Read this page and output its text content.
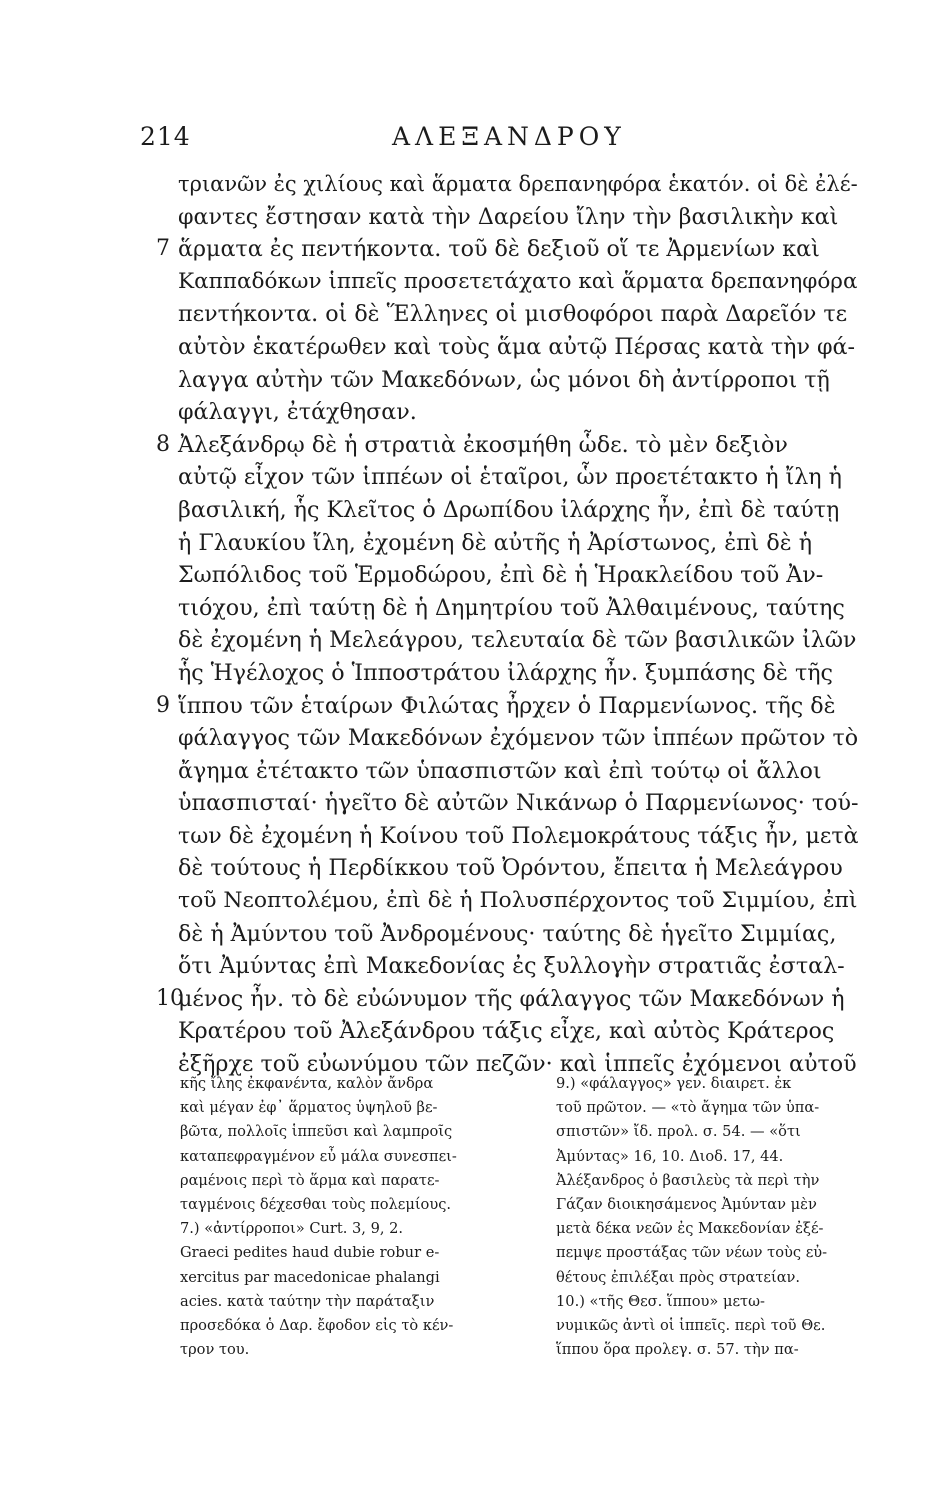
214	ΑΛΕΞΑΝΔΡΟΥ
τριανῶν ἐς χιλίους καὶ ἅρματα δρεπανηφόρα ἑκατόν. οἱ δὲ ἐλέ-
φαντες ἔστησαν κατὰ τὴν Δαρείου ἴλην τὴν βασιλικὴν καὶ
7 ἅρματα ἐς πεντήκοντα. τοῦ δὲ δεξιοῦ οἵ τε Ἀρμενίων καὶ
Καππαδόκων ἱππεῖς προσετετάχατο καὶ ἅρματα δρεπανηφόρα
πεντήκοντα. οἱ δὲ Ἕλληνες οἱ μισθοφόροι παρὰ Δαρεῖόν τε
αὐτὸν ἑκατέρωθεν καὶ τοὺς ἅμα αὐτῷ Πέρσας κατὰ τὴν φά-
λαγγα αὐτὴν τῶν Μακεδόνων, ὡς μόνοι δὴ ἀντίρροποι τῇ
φάλαγγι, ἐτάχθησαν.
8 Ἀλεξάνδρῳ δὲ ἡ στρατιὰ ἐκοσμήθη ὧδε. τὸ μὲν δεξιὸν
αὐτῷ εἶχον τῶν ἱππέων οἱ ἑταῖροι, ὧν προετέτακτο ἡ ἴλη ἡ
βασιλική, ἧς Κλεῖτος ὁ Δρωπίδου ἰλάρχης ἦν, ἐπὶ δὲ ταύτῃ
ἡ Γλαυκίου ἴλη, ἐχομένη δὲ αὐτῆς ἡ Ἀρίστωνος, ἐπὶ δὲ ἡ
Σωπόλιδος τοῦ Ἑρμοδώρου, ἐπὶ δὲ ἡ Ἡρακλείδου τοῦ Ἀν-
τιόχου, ἐπὶ ταύτῃ δὲ ἡ Δημητρίου τοῦ Ἀλθαιμένους, ταύτης
δὲ ἐχομένη ἡ Μελεάγρου, τελευταία δὲ τῶν βασιλικῶν ἰλῶν
ἧς Ἡγέλοχος ὁ Ἱπποστράτου ἰλάρχης ἦν. ξυμπάσης δὲ τῆς
9 ἵππου τῶν ἑταίρων Φιλώτας ἦρχεν ὁ Παρμενίωνος. τῆς δὲ
φάλαγγος τῶν Μακεδόνων ἐχόμενον τῶν ἱππέων πρῶτον τὸ
ἄγημα ἐτέτακτο τῶν ὑπασπιστῶν καὶ ἐπὶ τούτῳ οἱ ἄλλοι
ὑπασπισταί· ἡγεῖτο δὲ αὐτῶν Νικάνωρ ὁ Παρμενίωνος· τού-
των δὲ ἐχομένη ἡ Κοίνου τοῦ Πολεμοκράτους τάξις ἦν, μετὰ
δὲ τούτους ἡ Περδίκκου τοῦ Ὀρόντου, ἔπειτα ἡ Μελεάγρου
τοῦ Νεοπτολέμου, ἐπὶ δὲ ἡ Πολυσπέρχοντος τοῦ Σιμμίου, ἐπὶ
δὲ ἡ Ἀμύντου τοῦ Ἀνδρομένους· ταύτης δὲ ἡγεῖτο Σιμμίας,
ὅτι Ἀμύντας ἐπὶ Μακεδονίας ἐς ξυλλογὴν στρατιᾶς ἐσταλ-
10
μένος ἦν. τὸ δὲ εὐώνυμον τῆς φάλαγγος τῶν Μακεδόνων ἡ
Κρατέρου τοῦ Ἀλεξάνδρου τάξις εἶχε, καὶ αὐτὸς Κράτερος
ἐξῆρχε τοῦ εὐωνύμου τῶν πεζῶν· καὶ ἱππεῖς ἐχόμενοι αὐτοῦ
κῆς ἴλης ἐκφανέντα, καλὸν ἄνδρα
καὶ μέγαν ἐφ᾽ ἅρματος ὑψηλοῦ βε-
βῶτα, πολλοῖς ἱππεῦσι καὶ λαμπροῖς
καταπεφραγμένον εὖ μάλα συνεσπει-
ραμένοις περὶ τὸ ἅρμα καὶ παρατε-
ταγμένοις δέχεσθαι τοὺς πολεμίους.
7.) «ἀντίρροποι» Curt. 3, 9, 2.
Graeci pedites haud dubie robur e-
xercitus par macedonicae phalangi
acies. κατὰ ταύτην τὴν παράταξιν
προσεδόκα ὁ Δαρ. ἔφοδον εἰς τὸ κέν-
τρον του.
9.) «φάλαγγος» γεν. διαιρετ. ἐκ
τοῦ πρῶτον. — «τὸ ἄγημα τῶν ὑπα-
σπιστῶν» ἴδ. προλ. σ. 54. — «ὅτι
Ἀμύντας» 16, 10. Διοδ. 17, 44.
Ἀλέξανδρος ὁ βασιλεὺς τὰ περὶ τὴν
Γάζαν διοικησάμενος Ἀμύνταν μὲν
μετὰ δέκα νεῶν ἐς Μακεδονίαν ἐξέ-
πεμψε προστάξας τῶν νέων τοὺς εὐ-
θέτους ἐπιλέξαι πρὸς στρατείαν.
10.) «τῆς Θεσ. ἵππου» μετω-
νυμικῶς ἀντὶ οἱ ἱππεῖς. περὶ τοῦ Θε.
ἵππου ὅρα προλεγ. σ. 57. τὴν πα-
